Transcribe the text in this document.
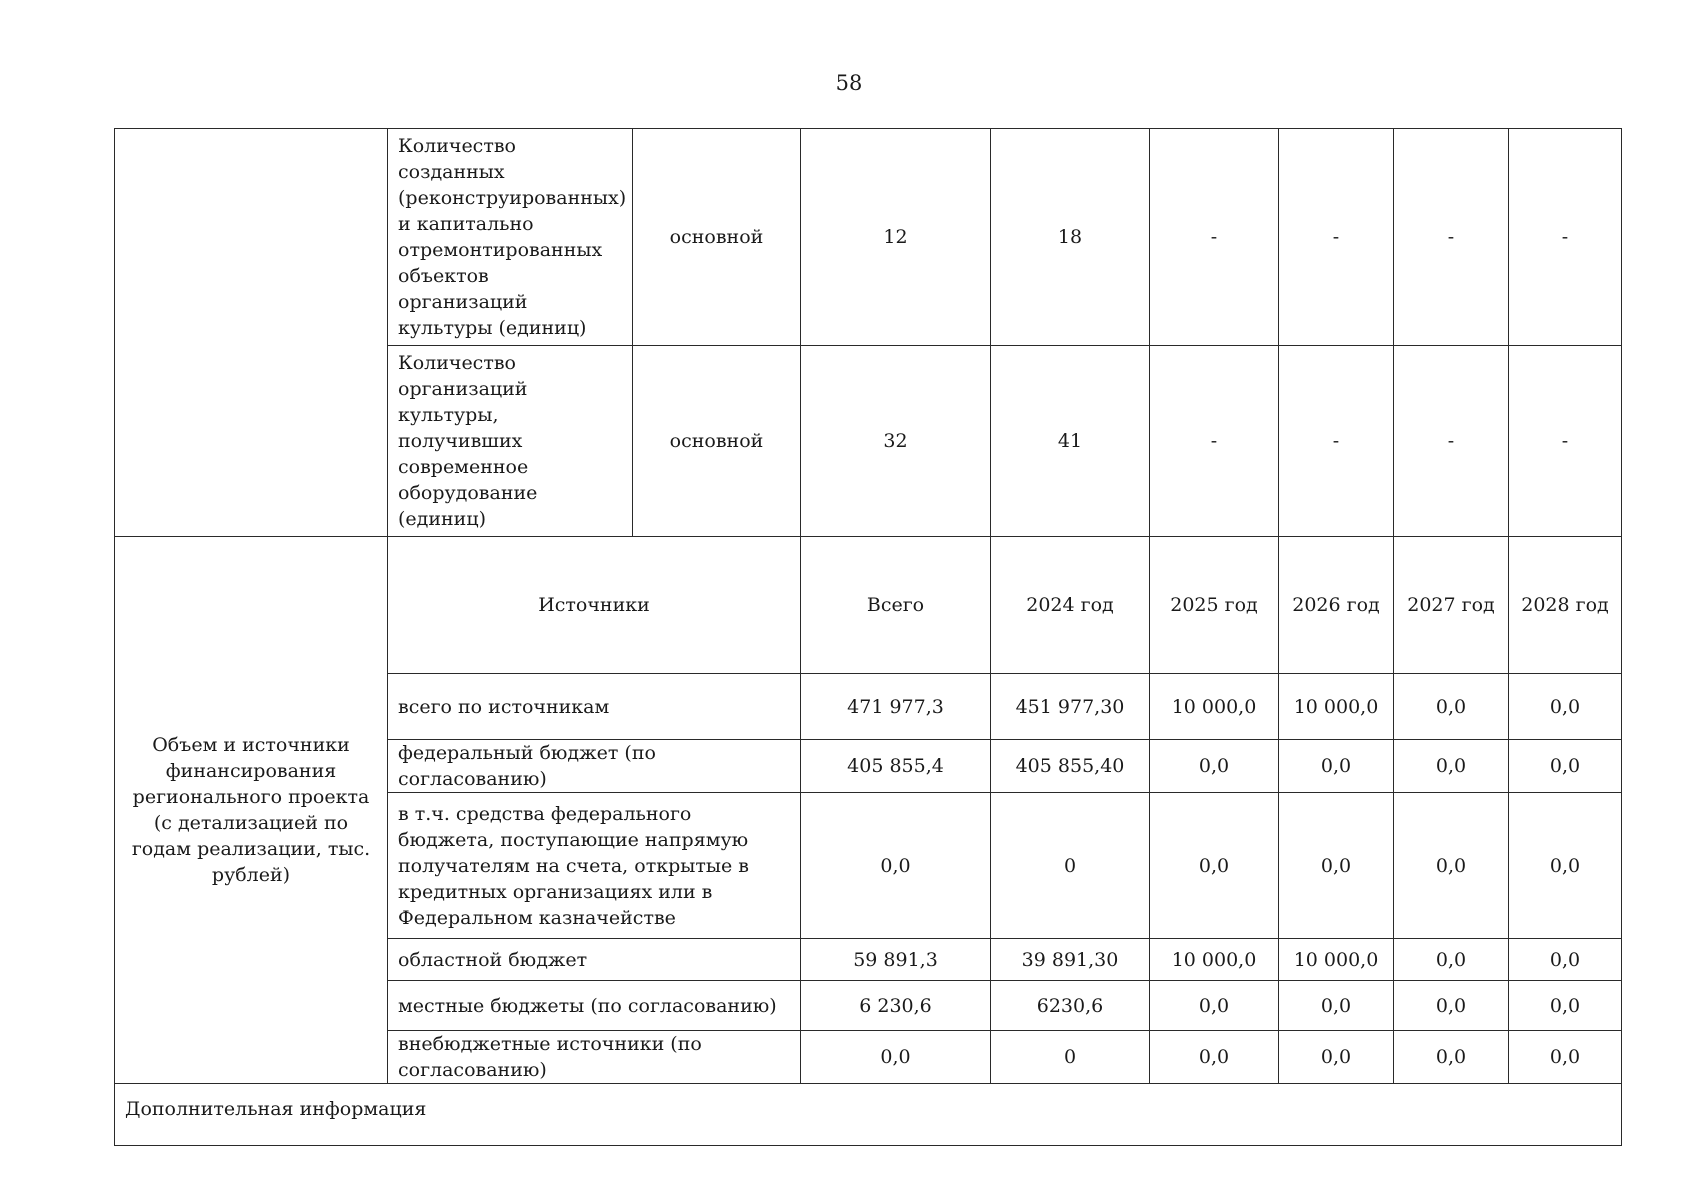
58
	Количество созданных (реконструированных) и капитально отремонтированных объектов организаций культуры (единиц)	основной	12	18	-	-	-	-
	Количество организаций культуры, получивших современное оборудование (единиц)	основной	32	41	-	-	-	-
Объем и источники финансирования регионального проекта (с детализацией по годам реализации, тыс. рублей)	Источники		Всего	2024 год	2025 год	2026 год	2027 год	2028 год
	всего по источникам		471 977,3	451 977,30	10 000,0	10 000,0	0,0	0,0
	федеральный бюджет (по согласованию)		405 855,4	405 855,40	0,0	0,0	0,0	0,0
	в т.ч. средства федерального бюджета, поступающие напрямую получателям на счета, открытые в кредитных организациях или в Федеральном казначействе		0,0	0	0,0	0,0	0,0	0,0
	областной бюджет		59 891,3	39 891,30	10 000,0	10 000,0	0,0	0,0
	местные бюджеты (по согласованию)		6 230,6	6230,6	0,0	0,0	0,0	0,0
	внебюджетные источники (по согласованию)		0,0	0	0,0	0,0	0,0	0,0
Дополнительная информация								
